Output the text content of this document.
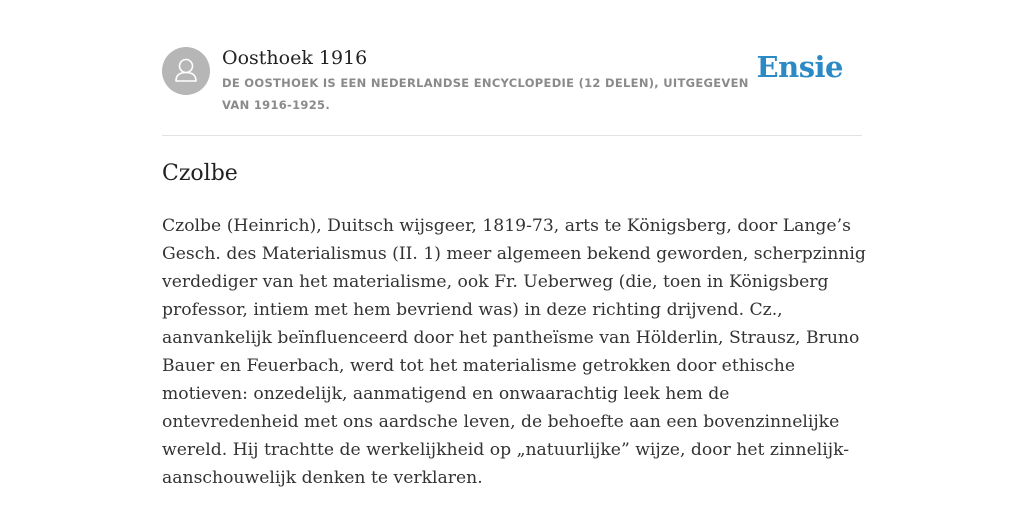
Oosthoek 1916

DE OOSTHOEK IS EEN NEDERLANDSE ENCYCLOPEDIE (12 DELEN), UITGEGEVEN VAN 1916-1925.

Ensie
Czolbe

Czolbe (Heinrich), Duitsch wijsgeer, 1819-73, arts te Königsberg, door Lange’s Gesch. des Materialismus (II. 1) meer algemeen bekend geworden, scherpzinnig verdediger van het materialisme, ook Fr. Ueberweg (die, toen in Königsberg professor, intiem met hem bevriend was) in deze richting drijvend. Cz., aanvankelijk beïnfluenceerd door het pantheïsme van Hölderlin, Strausz, Bruno Bauer en Feuerbach, werd tot het materialisme getrokken door ethische motieven: onzedelijk, aanmatigend en onwaarachtig leek hem de ontevredenheid met ons aardsche leven, de behoefte aan een bovenzinnelijke wereld. Hij trachtte de werkelijkheid op „natuurlijke” wijze, door het zinnelijk-aanschouwelijk denken te verklaren.
